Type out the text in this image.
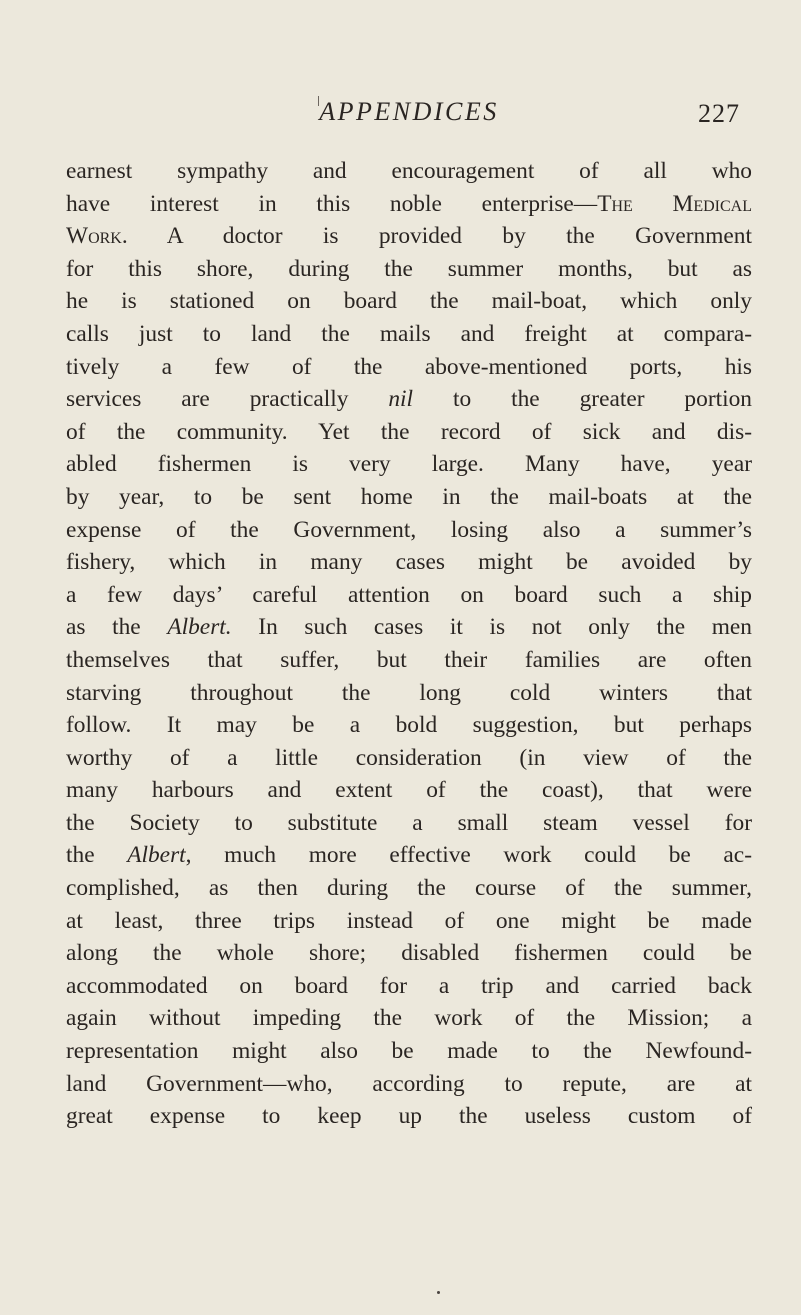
APPENDICES	227
earnest sympathy and encouragement of all who
have interest in this noble enterprise—The Medical
Work. A doctor is provided by the Government
for this shore, during the summer months, but as
he is stationed on board the mail-boat, which only
calls just to land the mails and freight at compara-
tively a few of the above-mentioned ports, his
services are practically nil to the greater portion
of the community. Yet the record of sick and dis-
abled fishermen is very large. Many have, year
by year, to be sent home in the mail-boats at the
expense of the Government, losing also a summer’s
fishery, which in many cases might be avoided by
a few days’ careful attention on board such a ship
as the Albert. In such cases it is not only the men
themselves that suffer, but their families are often
starving throughout the long cold winters that
follow. It may be a bold suggestion, but perhaps
worthy of a little consideration (in view of the
many harbours and extent of the coast), that were
the Society to substitute a small steam vessel for
the Albert, much more effective work could be ac-
complished, as then during the course of the summer,
at least, three trips instead of one might be made
along the whole shore; disabled fishermen could be
accommodated on board for a trip and carried back
again without impeding the work of the Mission; a
representation might also be made to the Newfound-
land Government—who, according to repute, are at
great expense to keep up the useless custom of
